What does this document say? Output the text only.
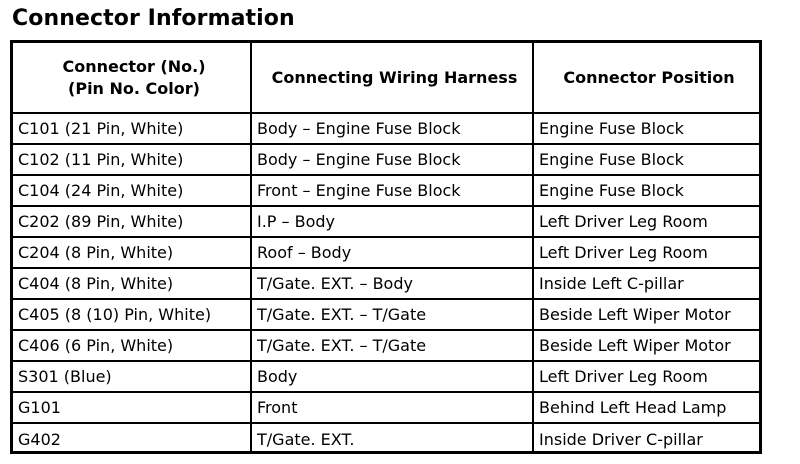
Connector Information
Connector (No.)
(Pin No. Color)	Connecting Wiring Harness	Connector Position
C101 (21 Pin, White)	Body – Engine Fuse Block	Engine Fuse Block
C102 (11 Pin, White)	Body – Engine Fuse Block	Engine Fuse Block
C104 (24 Pin, White)	Front – Engine Fuse Block	Engine Fuse Block
C202 (89 Pin, White)	I.P – Body	Left Driver Leg Room
C204 (8 Pin, White)	Roof – Body	Left Driver Leg Room
C404 (8 Pin, White)	T/Gate. EXT. – Body	Inside Left C-pillar
C405 (8 (10) Pin, White)	T/Gate. EXT. – T/Gate	Beside Left Wiper Motor
C406 (6 Pin, White)	T/Gate. EXT. – T/Gate	Beside Left Wiper Motor
S301 (Blue)	Body	Left Driver Leg Room
G101	Front	Behind Left Head Lamp
G402	T/Gate. EXT.	Inside Driver C-pillar
